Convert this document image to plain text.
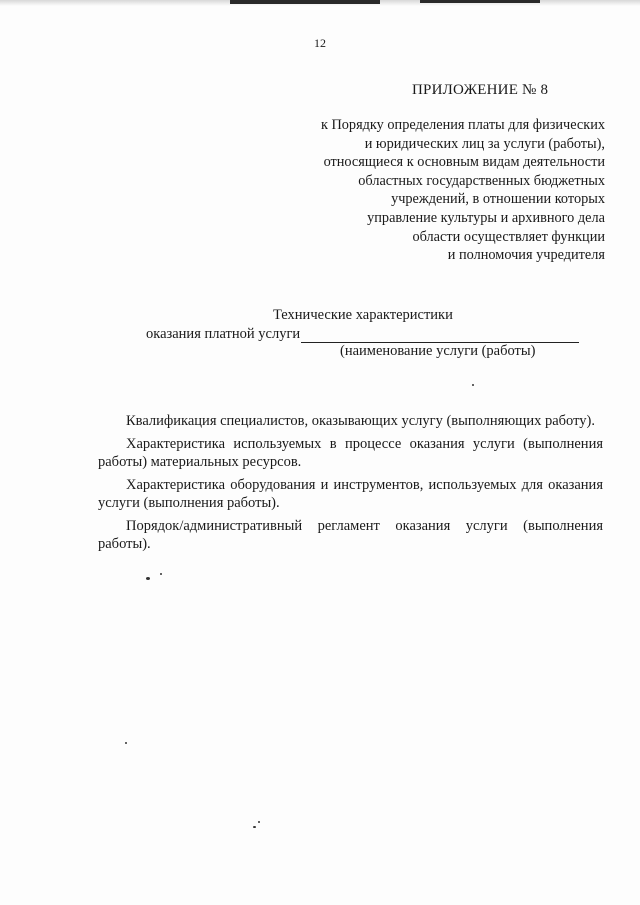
12
ПРИЛОЖЕНИЕ № 8
к Порядку определения платы для физических
и юридических лиц за услуги (работы),
относящиеся к основным видам деятельности
областных государственных бюджетных
учреждений, в отношении которых
управление культуры и архивного дела
области осуществляет функции
и полномочия учредителя
Технические характеристики
оказания платной услуги
(наименование услуги (работы)

Квалификация специалистов, оказывающих услугу (выполняющих работу).

Характеристика используемых в процессе оказания услуги (выполнения работы) материальных ресурсов.

Характеристика оборудования и инструментов, используемых для оказания услуги (выполнения работы).

Порядок/административный регламент оказания услуги (выполнения работы).
